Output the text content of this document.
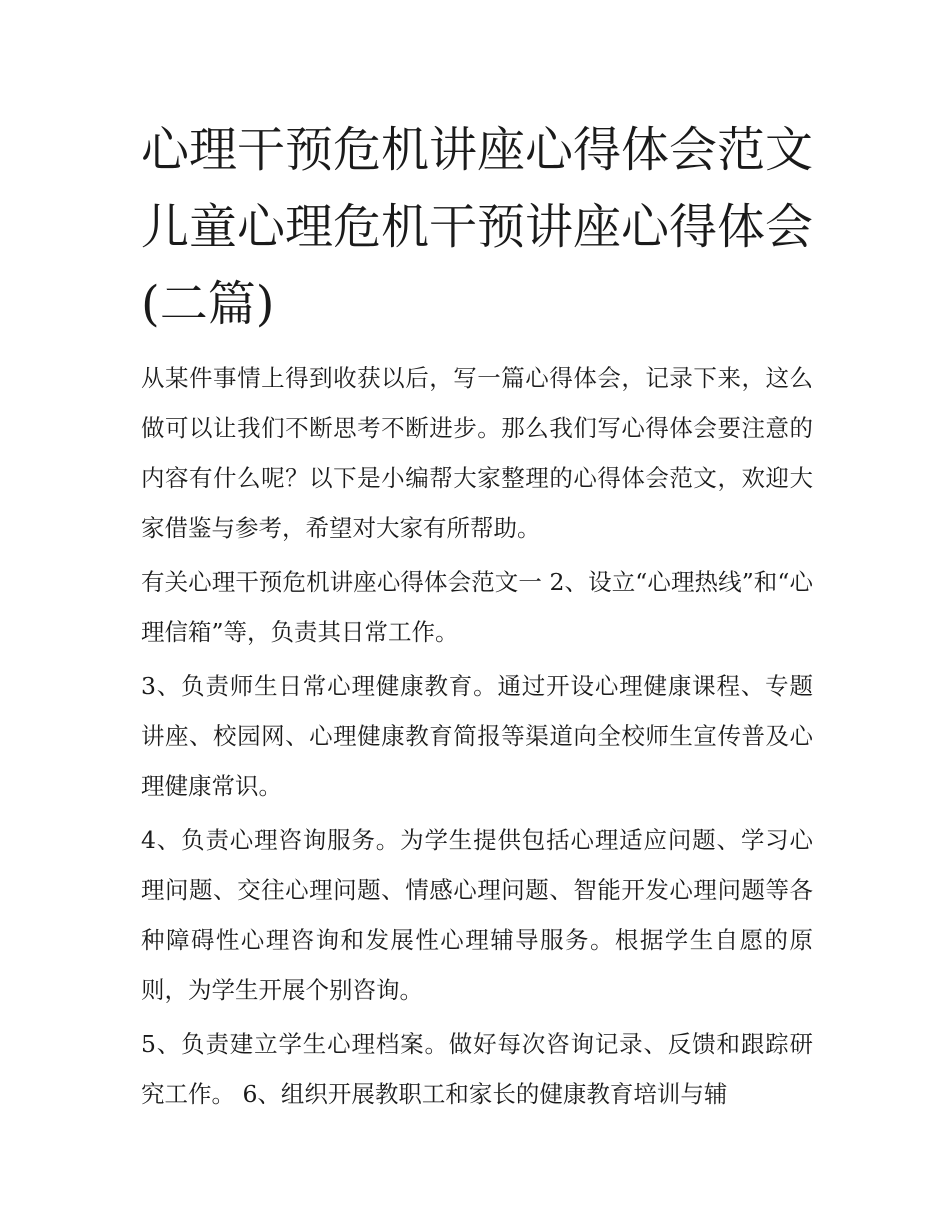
心理干预危机讲座心得体会范文 儿童心理危机干预讲座心得体会(二篇)

从某件事情上得到收获以后，写一篇心得体会，记录下来，这么做可以让我们不断思考不断进步。那么我们写心得体会要注意的内容有什么呢？以下是小编帮大家整理的心得体会范文，欢迎大家借鉴与参考，希望对大家有所帮助。

有关心理干预危机讲座心得体会范文一 2、设立“心理热线”和“心理信箱”等，负责其日常工作。

3、负责师生日常心理健康教育。通过开设心理健康课程、专题讲座、校园网、心理健康教育简报等渠道向全校师生宣传普及心理健康常识。

4、负责心理咨询服务。为学生提供包括心理适应问题、学习心理问题、交往心理问题、情感心理问题、智能开发心理问题等各种障碍性心理咨询和发展性心理辅导服务。根据学生自愿的原则，为学生开展个别咨询。

5、负责建立学生心理档案。做好每次咨询记录、反馈和跟踪研究工作。 6、组织开展教职工和家长的健康教育培训与辅
